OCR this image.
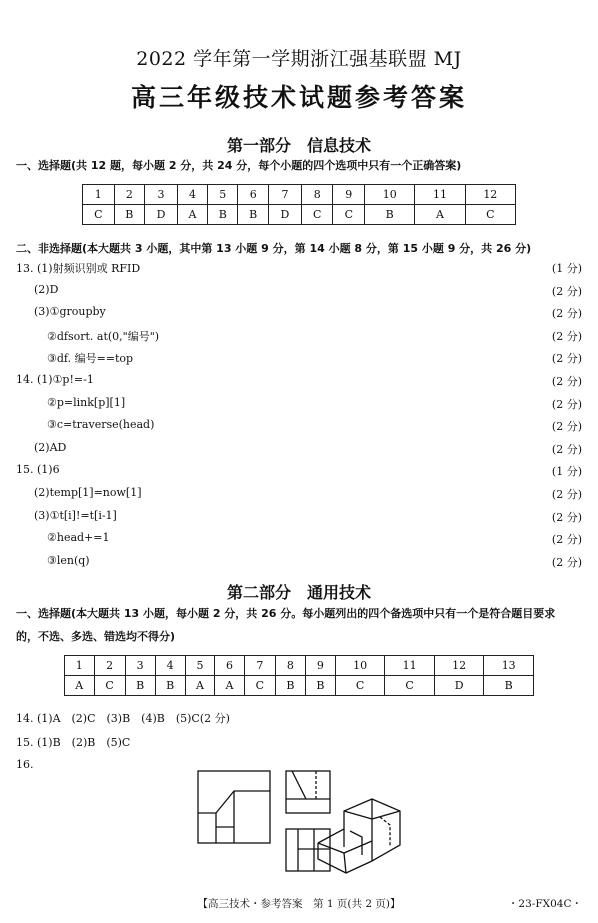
2022 学年第一学期浙江强基联盟 MJ
高三年级技术试题参考答案
第一部分　信息技术
一、选择题(共 12 题，每小题 2 分，共 24 分，每个小题的四个选项中只有一个正确答案)
1	2	3	4	5	6	7	8	9	10	11	12
C	B	D	A	B	B	D	C	C	B	A	C
二、非选择题(本大题共 3 小题，其中第 13 小题 9 分，第 14 小题 8 分，第 15 小题 9 分，共 26 分)
13. (1)射频识别或 RFID	(1 分)
(2)D	(2 分)
(3)①groupby	(2 分)
②dfsort. at(0,"编号")	(2 分)
③df. 编号==top	(2 分)
14. (1)①p!=-1	(2 分)
②p=link[p][1]	(2 分)
③c=traverse(head)	(2 分)
(2)AD	(2 分)
15. (1)6	(1 分)
(2)temp[1]=now[1]	(2 分)
(3)①t[i]!=t[i-1]	(2 分)
②head+=1	(2 分)
③len(q)	(2 分)
第二部分　通用技术
一、选择题(本大题共 13 小题，每小题 2 分，共 26 分。每小题列出的四个备选项中只有一个是符合题目要求
的，不选、多选、错选均不得分)
1	2	3	4	5	6	7	8	9	10	11	12	13
A	C	B	B	A	A	C	B	B	C	C	D	B
14. (1)A　(2)C　(3)B　(4)B　(5)C(2 分)
15. (1)B　(2)B　(5)C
16.
【高三技术・参考答案　第 1 页(共 2 页)】	・23-FX04C・
